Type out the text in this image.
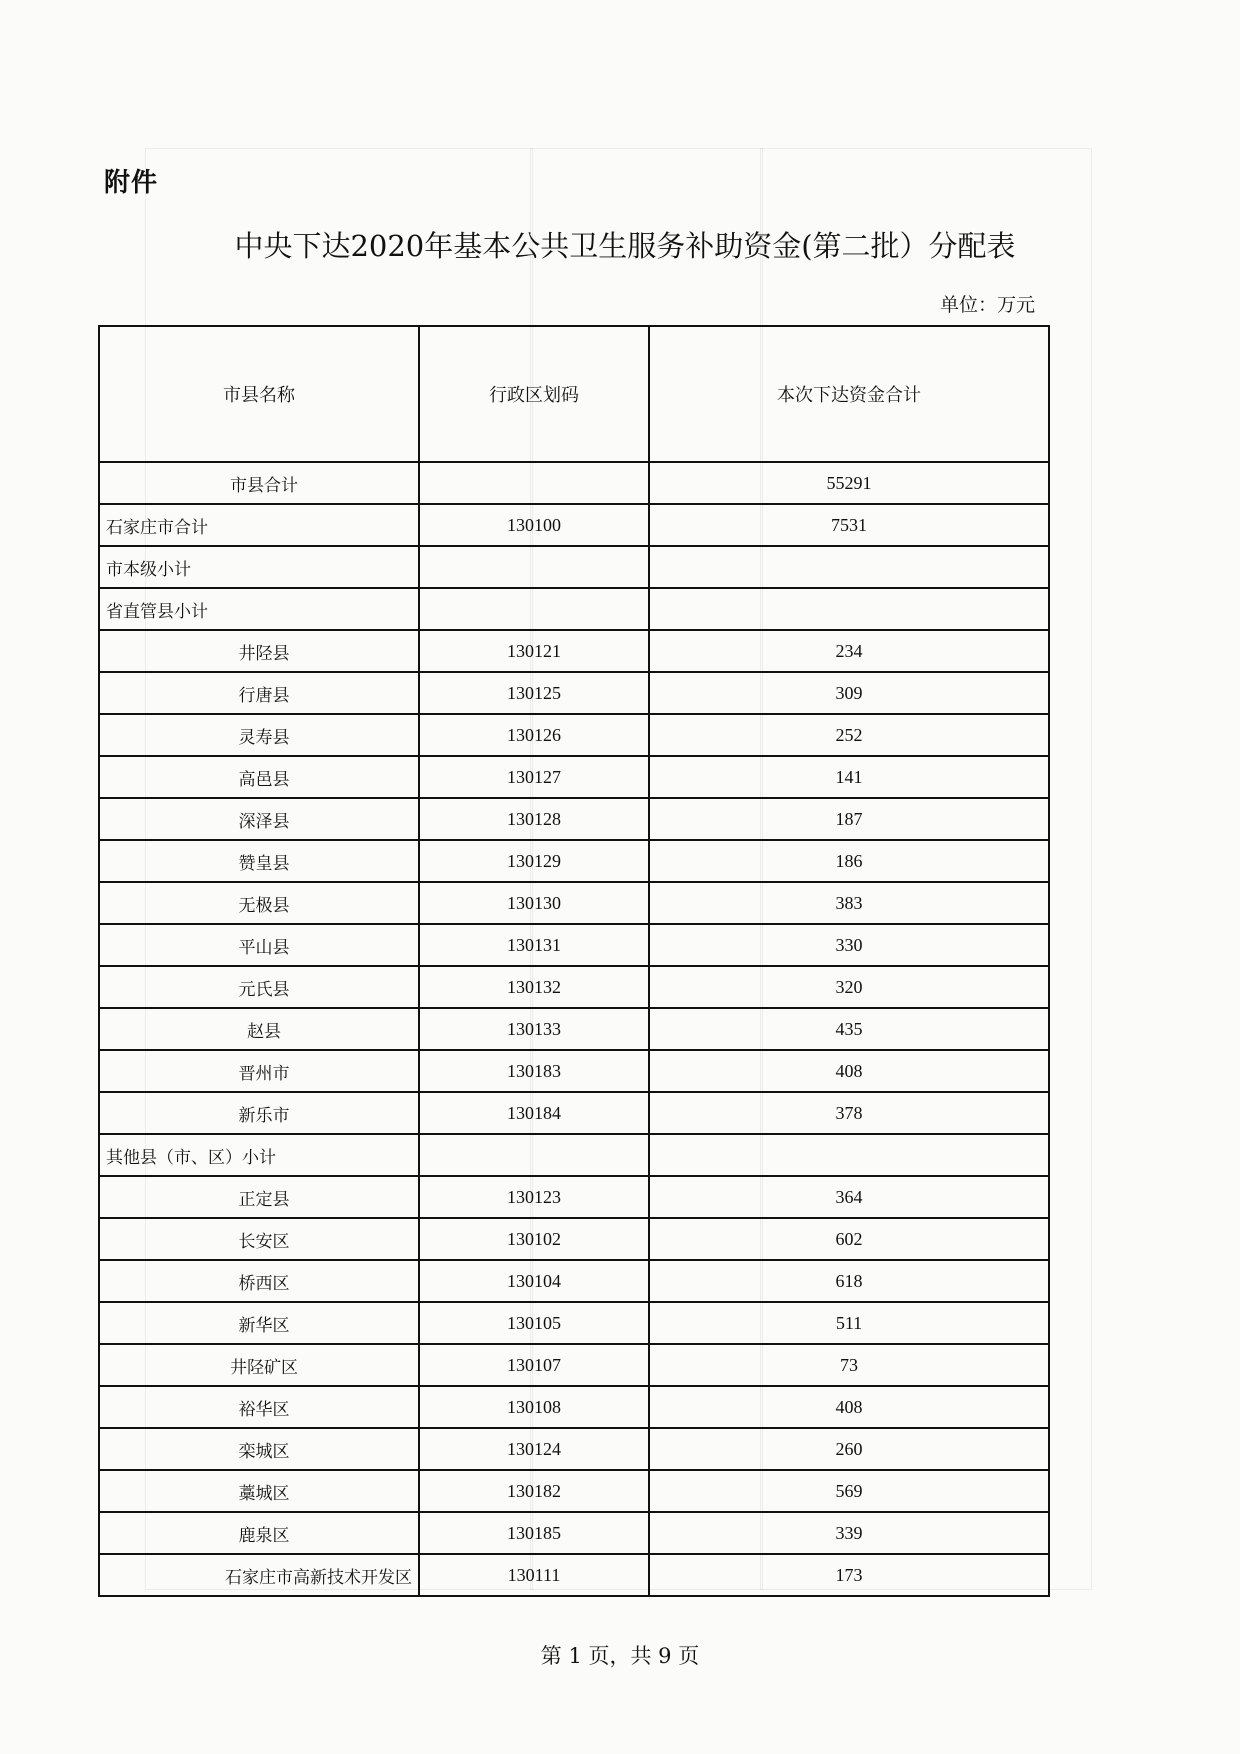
附件
中央下达2020年基本公共卫生服务补助资金(第二批）分配表
单位：万元
市县名称	行政区划码	本次下达资金合计
市县合计		55291
石家庄市合计	130100	7531
市本级小计		
省直管县小计		
井陉县	130121	234
行唐县	130125	309
灵寿县	130126	252
高邑县	130127	141
深泽县	130128	187
赞皇县	130129	186
无极县	130130	383
平山县	130131	330
元氏县	130132	320
赵县	130133	435
晋州市	130183	408
新乐市	130184	378
其他县（市、区）小计		
正定县	130123	364
长安区	130102	602
桥西区	130104	618
新华区	130105	511
井陉矿区	130107	73
裕华区	130108	408
栾城区	130124	260
藁城区	130182	569
鹿泉区	130185	339
石家庄市高新技术开发区	130111	173
第 1 页，共 9 页
